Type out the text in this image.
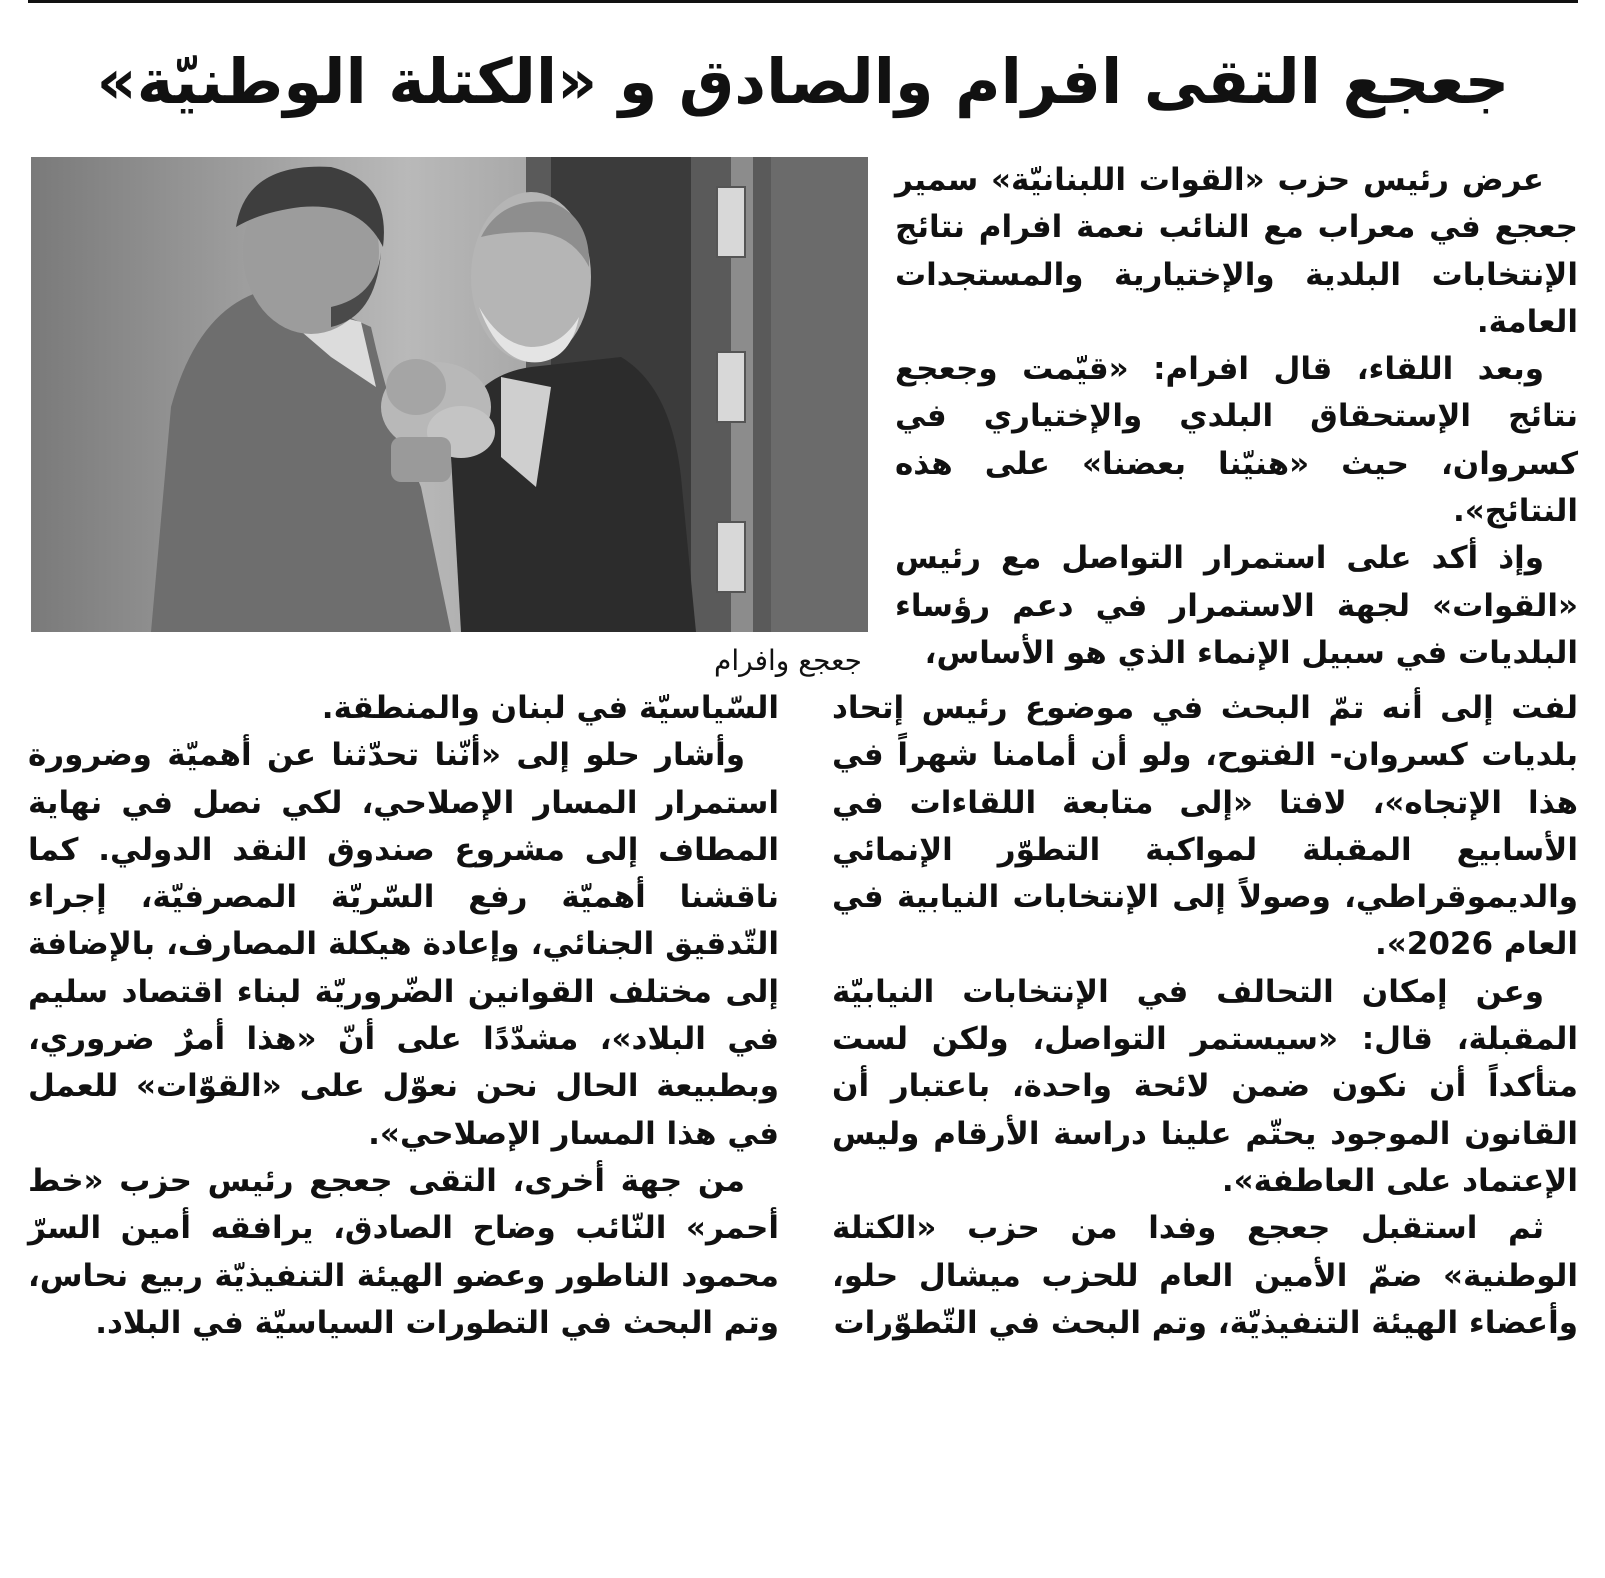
جعجع التقى افرام والصادق و «الكتلة الوطنيّة»

جعجع وافرام

عرض رئيس حزب «القوات اللبنانيّة» سمير جعجع في معراب مع النائب نعمة افرام نتائج الإنتخابات البلدية والإختيارية والمستجدات العامة.

وبعد اللقاء، قال افرام: «قيّمت وجعجع نتائج الإستحقاق البلدي والإختياري في كسروان، حيث «هنيّنا بعضنا» على هذه النتائج».

وإذ أكد على استمرار التواصل مع رئيس «القوات» لجهة الاستمرار في دعم رؤساء البلديات في سبيل الإنماء الذي هو الأساس،

لفت إلى أنه تمّ البحث في موضوع رئيس إتحاد بلديات كسروان- الفتوح، ولو أن أمامنا شهراً في هذا الإتجاه»، لافتا «إلى متابعة اللقاءات في الأسابيع المقبلة لمواكبة التطوّر الإنمائي والديموقراطي، وصولاً إلى الإنتخابات النيابية في العام 2026».

وعن إمكان التحالف في الإنتخابات النيابيّة المقبلة، قال: «سيستمر التواصل، ولكن لست متأكداً أن نكون ضمن لائحة واحدة، باعتبار أن القانون الموجود يحتّم علينا دراسة الأرقام وليس الإعتماد على العاطفة».

ثم استقبل جعجع وفدا من حزب «الكتلة الوطنية» ضمّ الأمين العام للحزب ميشال حلو، وأعضاء الهيئة التنفيذيّة، وتم البحث في التّطوّرات

السّياسيّة في لبنان والمنطقة.

وأشار حلو إلى «أنّنا تحدّثنا عن أهميّة وضرورة استمرار المسار الإصلاحي، لكي نصل في نهاية المطاف إلى مشروع صندوق النقد الدولي. كما ناقشنا أهميّة رفع السّريّة المصرفيّة، إجراء التّدقيق الجنائي، وإعادة هيكلة المصارف، بالإضافة إلى مختلف القوانين الضّروريّة لبناء اقتصاد سليم في البلاد»، مشدّدًا على أنّ «هذا أمرٌ ضروري، وبطبيعة الحال نحن نعوّل على «القوّات» للعمل في هذا المسار الإصلاحي».

من جهة أخرى، التقى جعجع رئيس حزب «خط أحمر» النّائب وضاح الصادق، يرافقه أمين السرّ محمود الناطور وعضو الهيئة التنفيذيّة ربيع نحاس، وتم البحث في التطورات السياسيّة في البلاد.
